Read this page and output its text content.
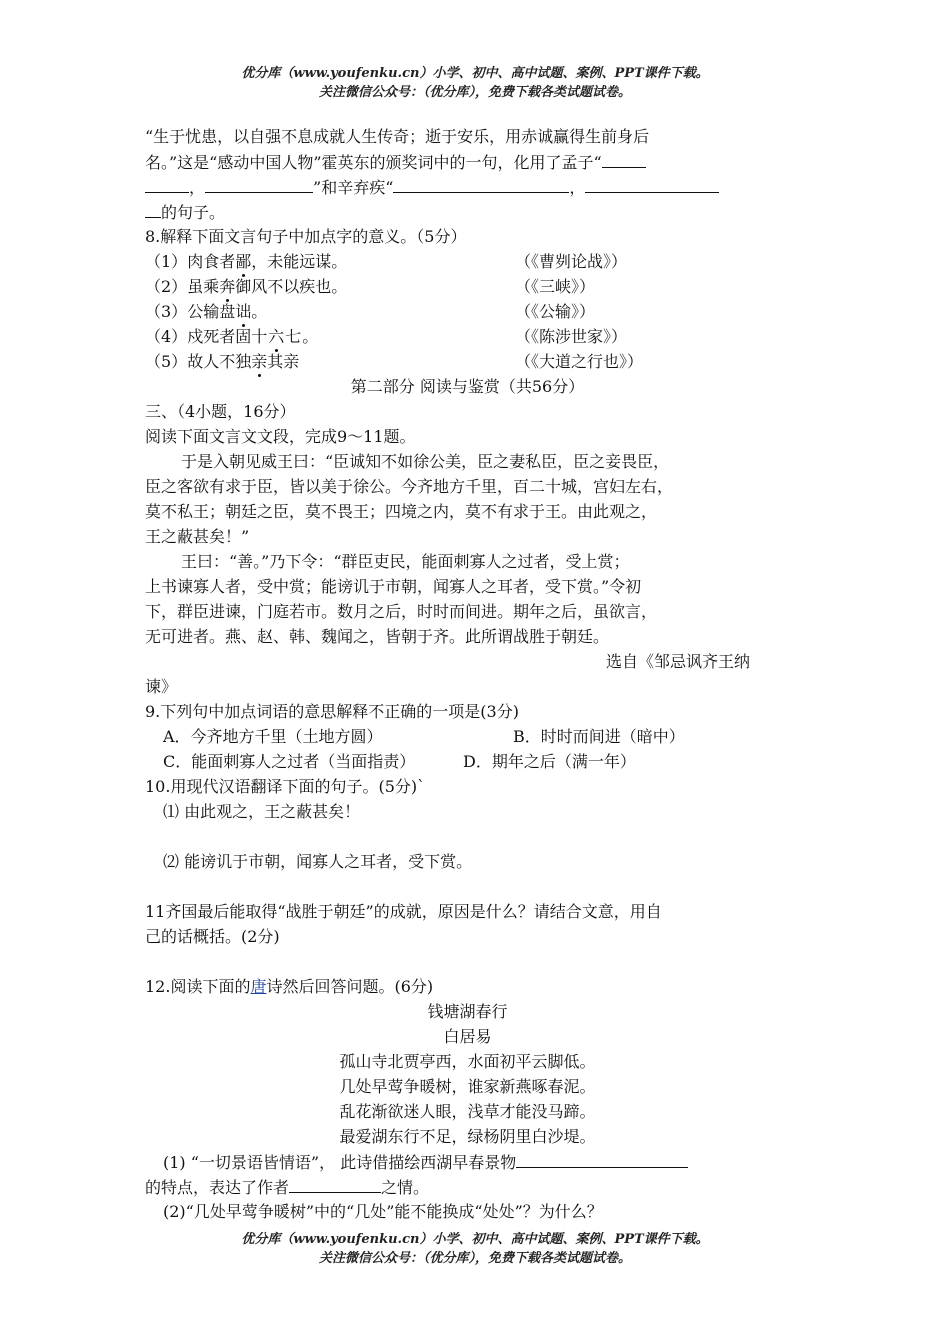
优分库（www.youfenku.cn）小学、初中、高中试题、案例、PPT课件下载。
关注微信公众号：（优分库），免费下载各类试题试卷。
“生于忧患，以自强不息成就人生传奇；逝于安乐，用赤诚赢得生前身后
名。”这是“感动中国人物”霍英东的颁奖词中的一句，化用了孟子“
，	”和辛弃疾“	，
的句子。
8.解释下面文言句子中加点字的意义。（5分）
（1）肉食者鄙，未能远谋。	（《曹刿论战》）
（2）虽乘奔御风不以疾也。	（《三峡》）
（3）公输盘诎。	（《公输》）
（4）戍死者固十六七。	（《陈涉世家》）
（5）故人不独亲其亲	（《大道之行也》）
第二部分 阅读与鉴赏（共56分）
三、（4小题，16分）
阅读下面文言文文段，完成9～11题。
于是入朝见威王曰：“臣诚知不如徐公美，臣之妻私臣，臣之妾畏臣，
臣之客欲有求于臣，皆以美于徐公。今齐地方千里，百二十城，宫妇左右，
莫不私王；朝廷之臣，莫不畏王；四境之内，莫不有求于王。由此观之，
王之蔽甚矣！”
王曰：“善。”乃下令：“群臣吏民，能面刺寡人之过者，受上赏；
上书谏寡人者，受中赏；能谤讥于市朝，闻寡人之耳者，受下赏。”令初
下，群臣进谏，门庭若市。数月之后，时时而间进。期年之后，虽欲言，
无可进者。燕、赵、韩、魏闻之，皆朝于齐。此所谓战胜于朝廷。
选自《邹忌讽齐王纳
谏》
9.下列句中加点词语的意思解释不正确的一项是(3分)
A．今齐地方千里（土地方圆）	B．时时而间进（暗中）
C．能面刺寡人之过者（当面指责）	D．期年之后（满一年）
10.用现代汉语翻译下面的句子。(5分)`
⑴ 由此观之，王之蔽甚矣！
⑵ 能谤讥于市朝，闻寡人之耳者，受下赏。
11齐国最后能取得“战胜于朝廷”的成就，原因是什么？请结合文意，用自
己的话概括。(2分)
12.阅读下面的唐诗然后回答问题。(6分)
钱塘湖春行
白居易
孤山寺北贾亭西，水面初平云脚低。
几处早莺争暖树，谁家新燕啄春泥。
乱花渐欲迷人眼，浅草才能没马蹄。
最爱湖东行不足，绿杨阴里白沙堤。
(1) “一切景语皆情语”， 此诗借描绘西湖早春景物
的特点，表达了作者	之情。
(2)“几处早莺争暖树”中的“几处”能不能换成“处处”？为什么？
优分库（www.youfenku.cn）小学、初中、高中试题、案例、PPT课件下载。
关注微信公众号：（优分库），免费下载各类试题试卷。
